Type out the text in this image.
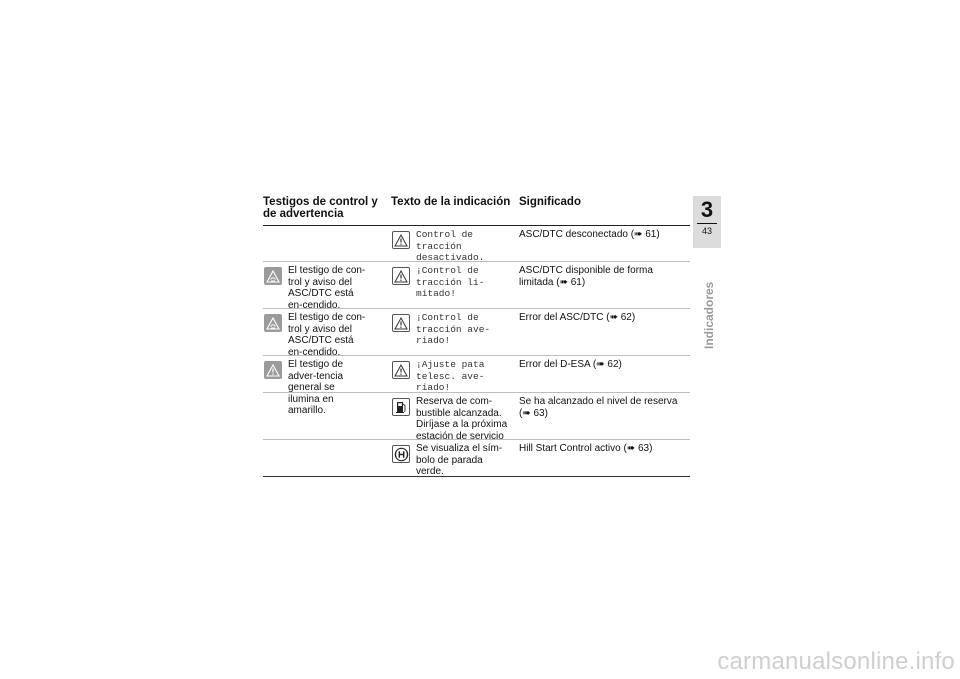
Testigos de control y de advertencia
Texto de la indicación Significado
Control de tracción desactivado.
ASC/DTC desconectado (➠ 61)
El testigo de con-trol y aviso del ASC/DTC está en-cendido.
¡Control de tracción li-mitado!
ASC/DTC disponible de forma limitada (➠ 61)
El testigo de con-trol y aviso del ASC/DTC está en-cendido.
¡Control de tracción ave-riado!
Error del ASC/DTC (➠ 62)
El testigo de adver-tencia general se ilumina en amarillo.
¡Ajuste pata telesc. ave-riado!
Error del D-ESA (➠ 62)
Reserva de com-bustible alcanzada. Diríjase a la próxima estación de servicio
Se ha alcanzado el nivel de reserva (➠ 63)
Se visualiza el sím-bolo de parada verde.
Hill Start Control activo (➠ 63)
3
43
Indicadores
carmanualsonline.info
